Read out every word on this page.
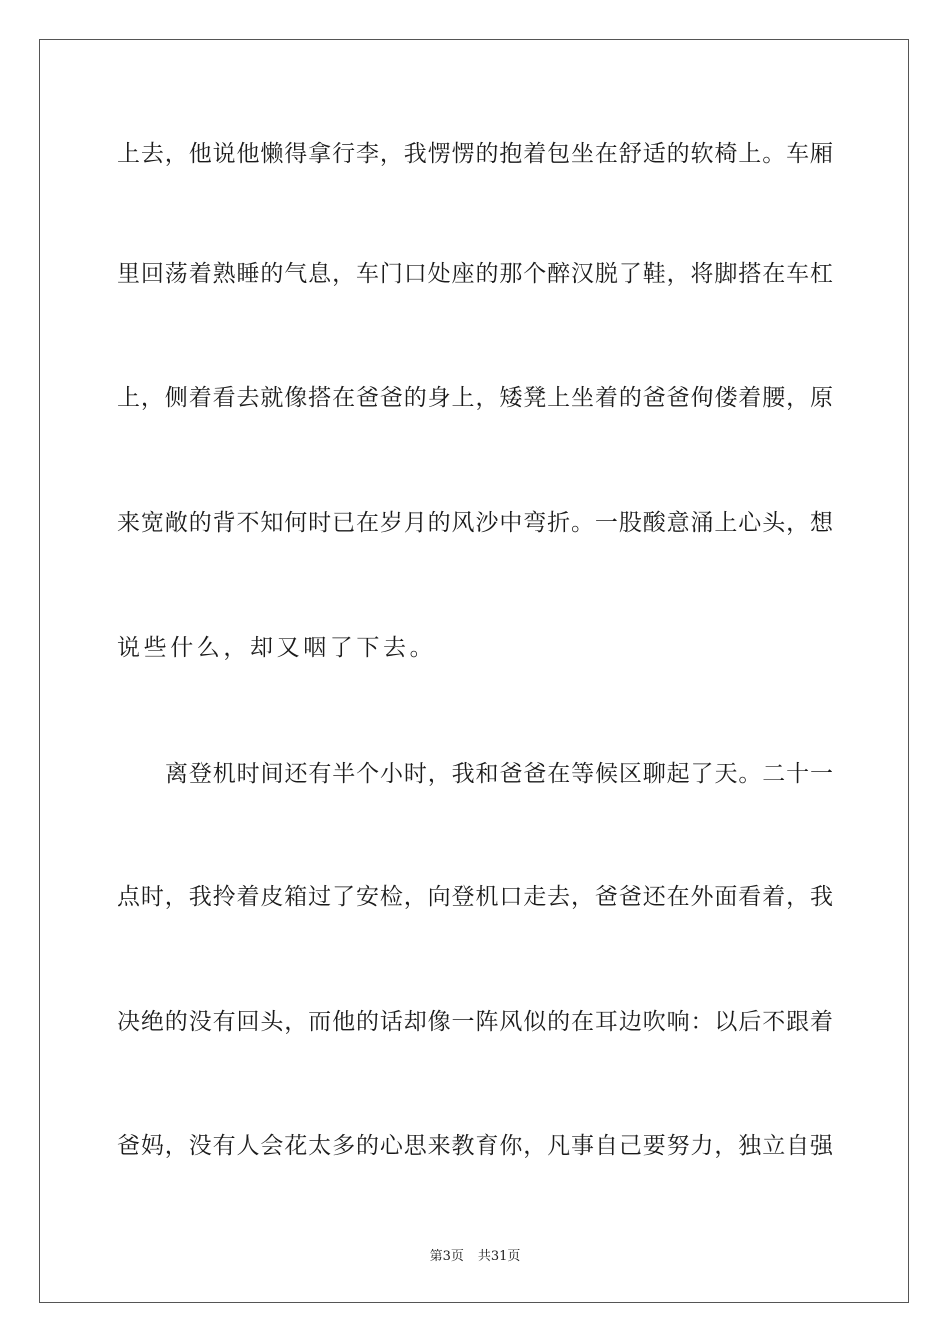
上去，他说他懒得拿行李，我愣愣的抱着包坐在舒适的软椅上。车厢
里回荡着熟睡的气息，车门口处座的那个醉汉脱了鞋，将脚搭在车杠
上，侧着看去就像搭在爸爸的身上，矮凳上坐着的爸爸佝偻着腰，原
来宽敞的背不知何时已在岁月的风沙中弯折。一股酸意涌上心头，想
说些什么，却又咽了下去。
离登机时间还有半个小时，我和爸爸在等候区聊起了天。二十一
点时，我拎着皮箱过了安检，向登机口走去，爸爸还在外面看着，我
决绝的没有回头，而他的话却像一阵风似的在耳边吹响：以后不跟着
爸妈，没有人会花太多的心思来教育你，凡事自己要努力，独立自强
第3页 共31页
